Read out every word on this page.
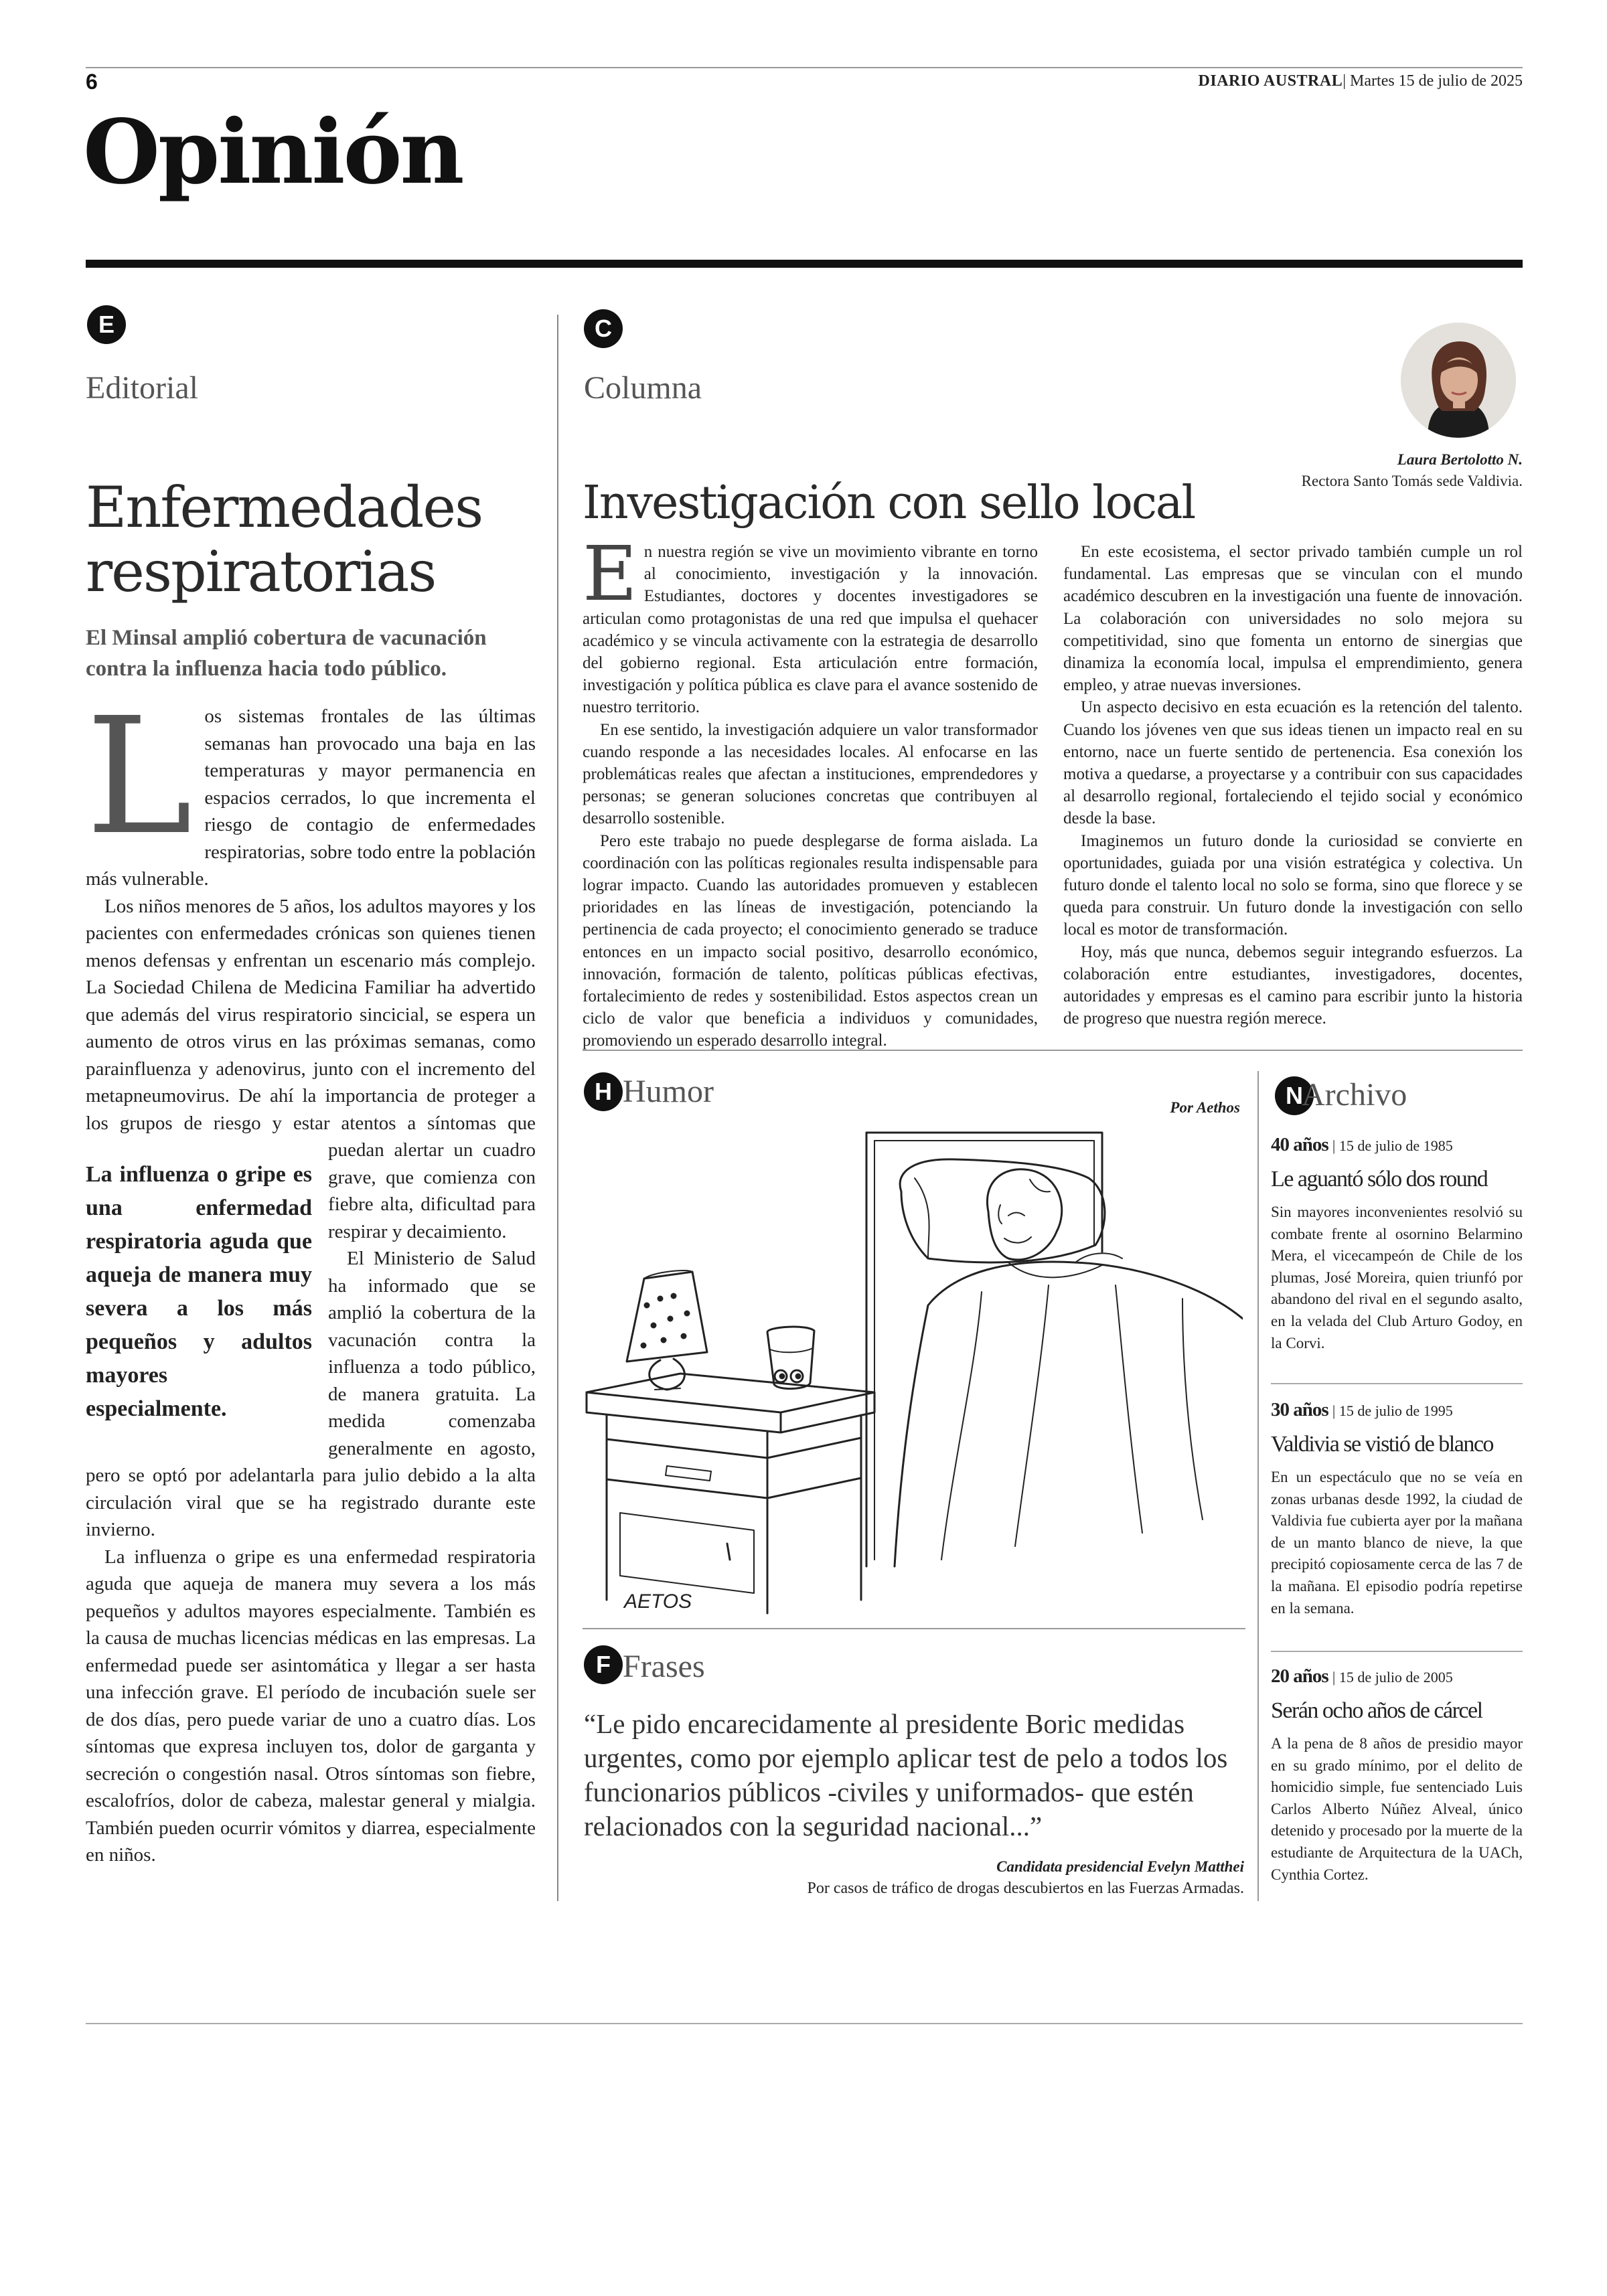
6	DIARIO AUSTRAL| Martes 15 de julio de 2025
Opinión
E
Editorial
Enfermedades respiratorias
El Minsal amplió cobertura de vacunación contra la influenza hacia todo público.
L os sistemas frontales de las últimas semanas han provocado una baja en las temperaturas y mayor permanencia en espacios cerrados, lo que incrementa el riesgo de contagio de enfermedades respiratorias, sobre todo entre la población más vulnerable.

La influenza o gripe es una enfermedad respiratoria aguda que aqueja de manera muy severa a los más pequeños y adultos mayores especialmente.

Los niños menores de 5 años, los adultos mayores y los pacientes con enfermedades crónicas son quienes tienen menos defensas y enfrentan un escenario más complejo. La Sociedad Chilena de Medicina Familiar ha advertido que además del virus respiratorio sincicial, se espera un aumento de otros virus en las próximas semanas, como parainfluenza y adenovirus, junto con el incremento del metapneumovirus. De ahí la importancia de proteger a los grupos de riesgo y estar atentos a síntomas que puedan alertar un cuadro grave, que comienza con fiebre alta, dificultad para respirar y decaimiento.

El Ministerio de Salud ha informado que se amplió la cobertura de la vacunación contra la influenza a todo público, de manera gratuita. La medida comenzaba generalmente en agosto, pero se optó por adelantarla para julio debido a la alta circulación viral que se ha registrado durante este invierno.

La influenza o gripe es una enfermedad respiratoria aguda que aqueja de manera muy severa a los más pequeños y adultos mayores especialmente. También es la causa de muchas licencias médicas en las empresas. La enfermedad puede ser asintomática y llegar a ser hasta una infección grave. El período de incubación suele ser de dos días, pero puede variar de uno a cuatro días. Los síntomas que expresa incluyen tos, dolor de garganta y secreción o congestión nasal. Otros síntomas son fiebre, escalofríos, dolor de cabeza, malestar general y mialgia. También pueden ocurrir vómitos y diarrea, especialmente en niños.

C
Columna
Laura Bertolotto N.
Rectora Santo Tomás sede Valdivia.
Investigación con sello local
E n nuestra región se vive un movimiento vibrante en torno al conocimiento, investigación y la innovación. Estudiantes, doctores y docentes investigadores se articulan como protagonistas de una red que impulsa el quehacer académico y se vincula activamente con la estrategia de desarrollo del gobierno regional. Esta articulación entre formación, investigación y política pública es clave para el avance sostenido de nuestro territorio.

En ese sentido, la investigación adquiere un valor transformador cuando responde a las necesidades locales. Al enfocarse en las problemáticas reales que afectan a instituciones, emprendedores y personas; se generan soluciones concretas que contribuyen al desarrollo sostenible.

Pero este trabajo no puede desplegarse de forma aislada. La coordinación con las políticas regionales resulta indispensable para lograr impacto. Cuando las autoridades promueven y establecen prioridades en las líneas de investigación, potenciando la pertinencia de cada proyecto; el conocimiento generado se traduce entonces en un impacto social positivo, desarrollo económico, innovación, formación de talento, políticas públicas efectivas, fortalecimiento de redes y sostenibilidad. Estos aspectos crean un ciclo de valor que beneficia a individuos y comunidades, promoviendo un esperado desarrollo integral.

En este ecosistema, el sector privado también cumple un rol fundamental. Las empresas que se vinculan con el mundo académico descubren en la investigación una fuente de innovación. La colaboración con universidades no solo mejora su competitividad, sino que fomenta un entorno de sinergias que dinamiza la economía local, impulsa el emprendimiento, genera empleo, y atrae nuevas inversiones.

Un aspecto decisivo en esta ecuación es la retención del talento. Cuando los jóvenes ven que sus ideas tienen un impacto real en su entorno, nace un fuerte sentido de pertenencia. Esa conexión los motiva a quedarse, a proyectarse y a contribuir con sus capacidades al desarrollo regional, fortaleciendo el tejido social y económico desde la base.

Imaginemos un futuro donde la curiosidad se convierte en oportunidades, guiada por una visión estratégica y colectiva. Un futuro donde el talento local no solo se forma, sino que florece y se queda para construir. Un futuro donde la investigación con sello local es motor de transformación.

Hoy, más que nunca, debemos seguir integrando esfuerzos. La colaboración entre estudiantes, investigadores, docentes, autoridades y empresas es el camino para escribir junto la historia de progreso que nuestra región merece.

H Humor	Por Aethos
AETOS
F Frases
“Le pido encarecidamente al presidente Boric medidas urgentes, como por ejemplo aplicar test de pelo a todos los funcionarios públicos -civiles y uniformados- que estén relacionados con la seguridad nacional...”
Candidata presidencial Evelyn Matthei
Por casos de tráfico de drogas descubiertos en las Fuerzas Armadas.
N
Archivo
40 años | 15 de julio de 1985
Le aguantó sólo dos round
Sin mayores inconvenientes resolvió su combate frente al osornino Belarmino Mera, el vicecampeón de Chile de los plumas, José Moreira, quien triunfó por abandono del rival en el segundo asalto, en la velada del Club Arturo Godoy, en la Corvi.
30 años | 15 de julio de 1995
Valdivia se vistió de blanco
En un espectáculo que no se veía en zonas urbanas desde 1992, la ciudad de Valdivia fue cubierta ayer por la mañana de un manto blanco de nieve, la que precipitó copiosamente cerca de las 7 de la mañana. El episodio podría repetirse en la semana.
20 años | 15 de julio de 2005
Serán ocho años de cárcel
A la pena de 8 años de presidio mayor en su grado mínimo, por el delito de homicidio simple, fue sentenciado Luis Carlos Alberto Núñez Alveal, único detenido y procesado por la muerte de la estudiante de Arquitectura de la UACh, Cynthia Cortez.
